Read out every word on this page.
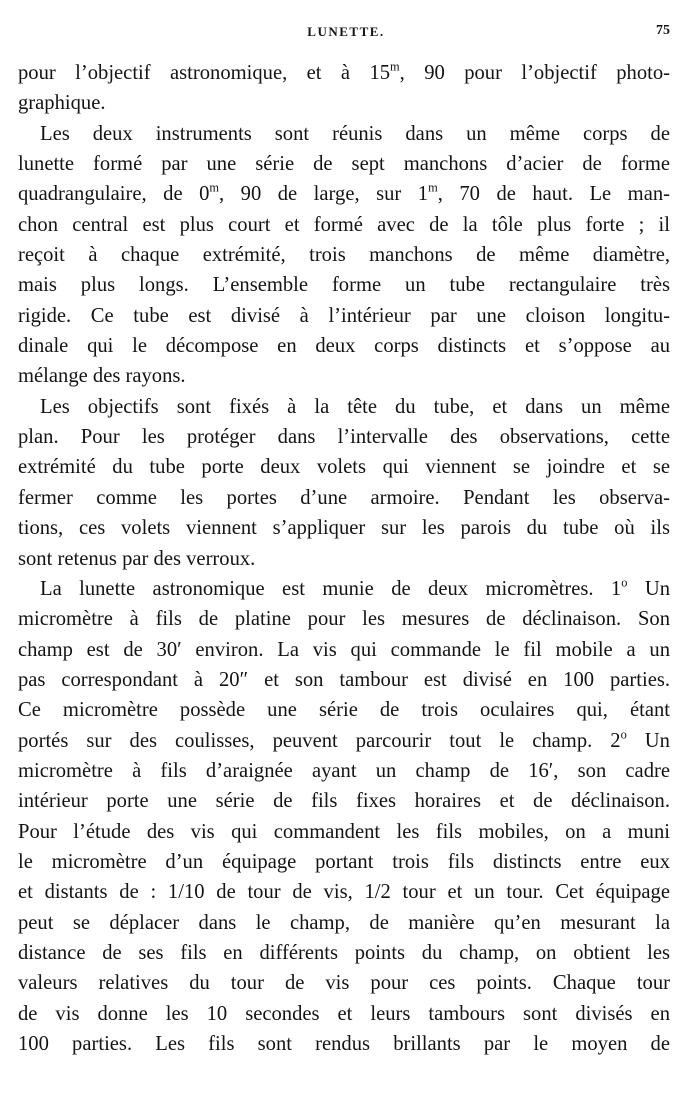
LUNETTE.	75
pour l’objectif astronomique, et à 15$^m$, 90 pour l’objectif photo-
graphique.
Les deux instruments sont réunis dans un même corps de
lunette formé par une série de sept manchons d’acier de forme
quadrangulaire, de 0$^m$, 90 de large, sur 1$^m$, 70 de haut. Le man-
chon central est plus court et formé avec de la tôle plus forte ; il
reçoit à chaque extrémité, trois manchons de même diamètre,
mais plus longs. L’ensemble forme un tube rectangulaire très
rigide. Ce tube est divisé à l’intérieur par une cloison longitu-
dinale qui le décompose en deux corps distincts et s’oppose au
mélange des rayons.
Les objectifs sont fixés à la tête du tube, et dans un même
plan. Pour les protéger dans l’intervalle des observations, cette
extrémité du tube porte deux volets qui viennent se joindre et se
fermer comme les portes d’une armoire. Pendant les observa-
tions, ces volets viennent s’appliquer sur les parois du tube où ils
sont retenus par des verroux.
La lunette astronomique est munie de deux micromètres. 1$^o$ Un
micromètre à fils de platine pour les mesures de déclinaison. Son
champ est de 30′ environ. La vis qui commande le fil mobile a un
pas correspondant à 20″ et son tambour est divisé en 100 parties.
Ce micromètre possède une série de trois oculaires qui, étant
portés sur des coulisses, peuvent parcourir tout le champ. 2$^o$ Un
micromètre à fils d’araignée ayant un champ de 16′, son cadre
intérieur porte une série de fils fixes horaires et de déclinaison.
Pour l’étude des vis qui commandent les fils mobiles, on a muni
le micromètre d’un équipage portant trois fils distincts entre eux
et distants de : 1/10 de tour de vis, 1/2 tour et un tour. Cet équipage
peut se déplacer dans le champ, de manière qu’en mesurant la
distance de ses fils en différents points du champ, on obtient les
valeurs relatives du tour de vis pour ces points. Chaque tour
de vis donne les 10 secondes et leurs tambours sont divisés en
100 parties. Les fils sont rendus brillants par le moyen de
